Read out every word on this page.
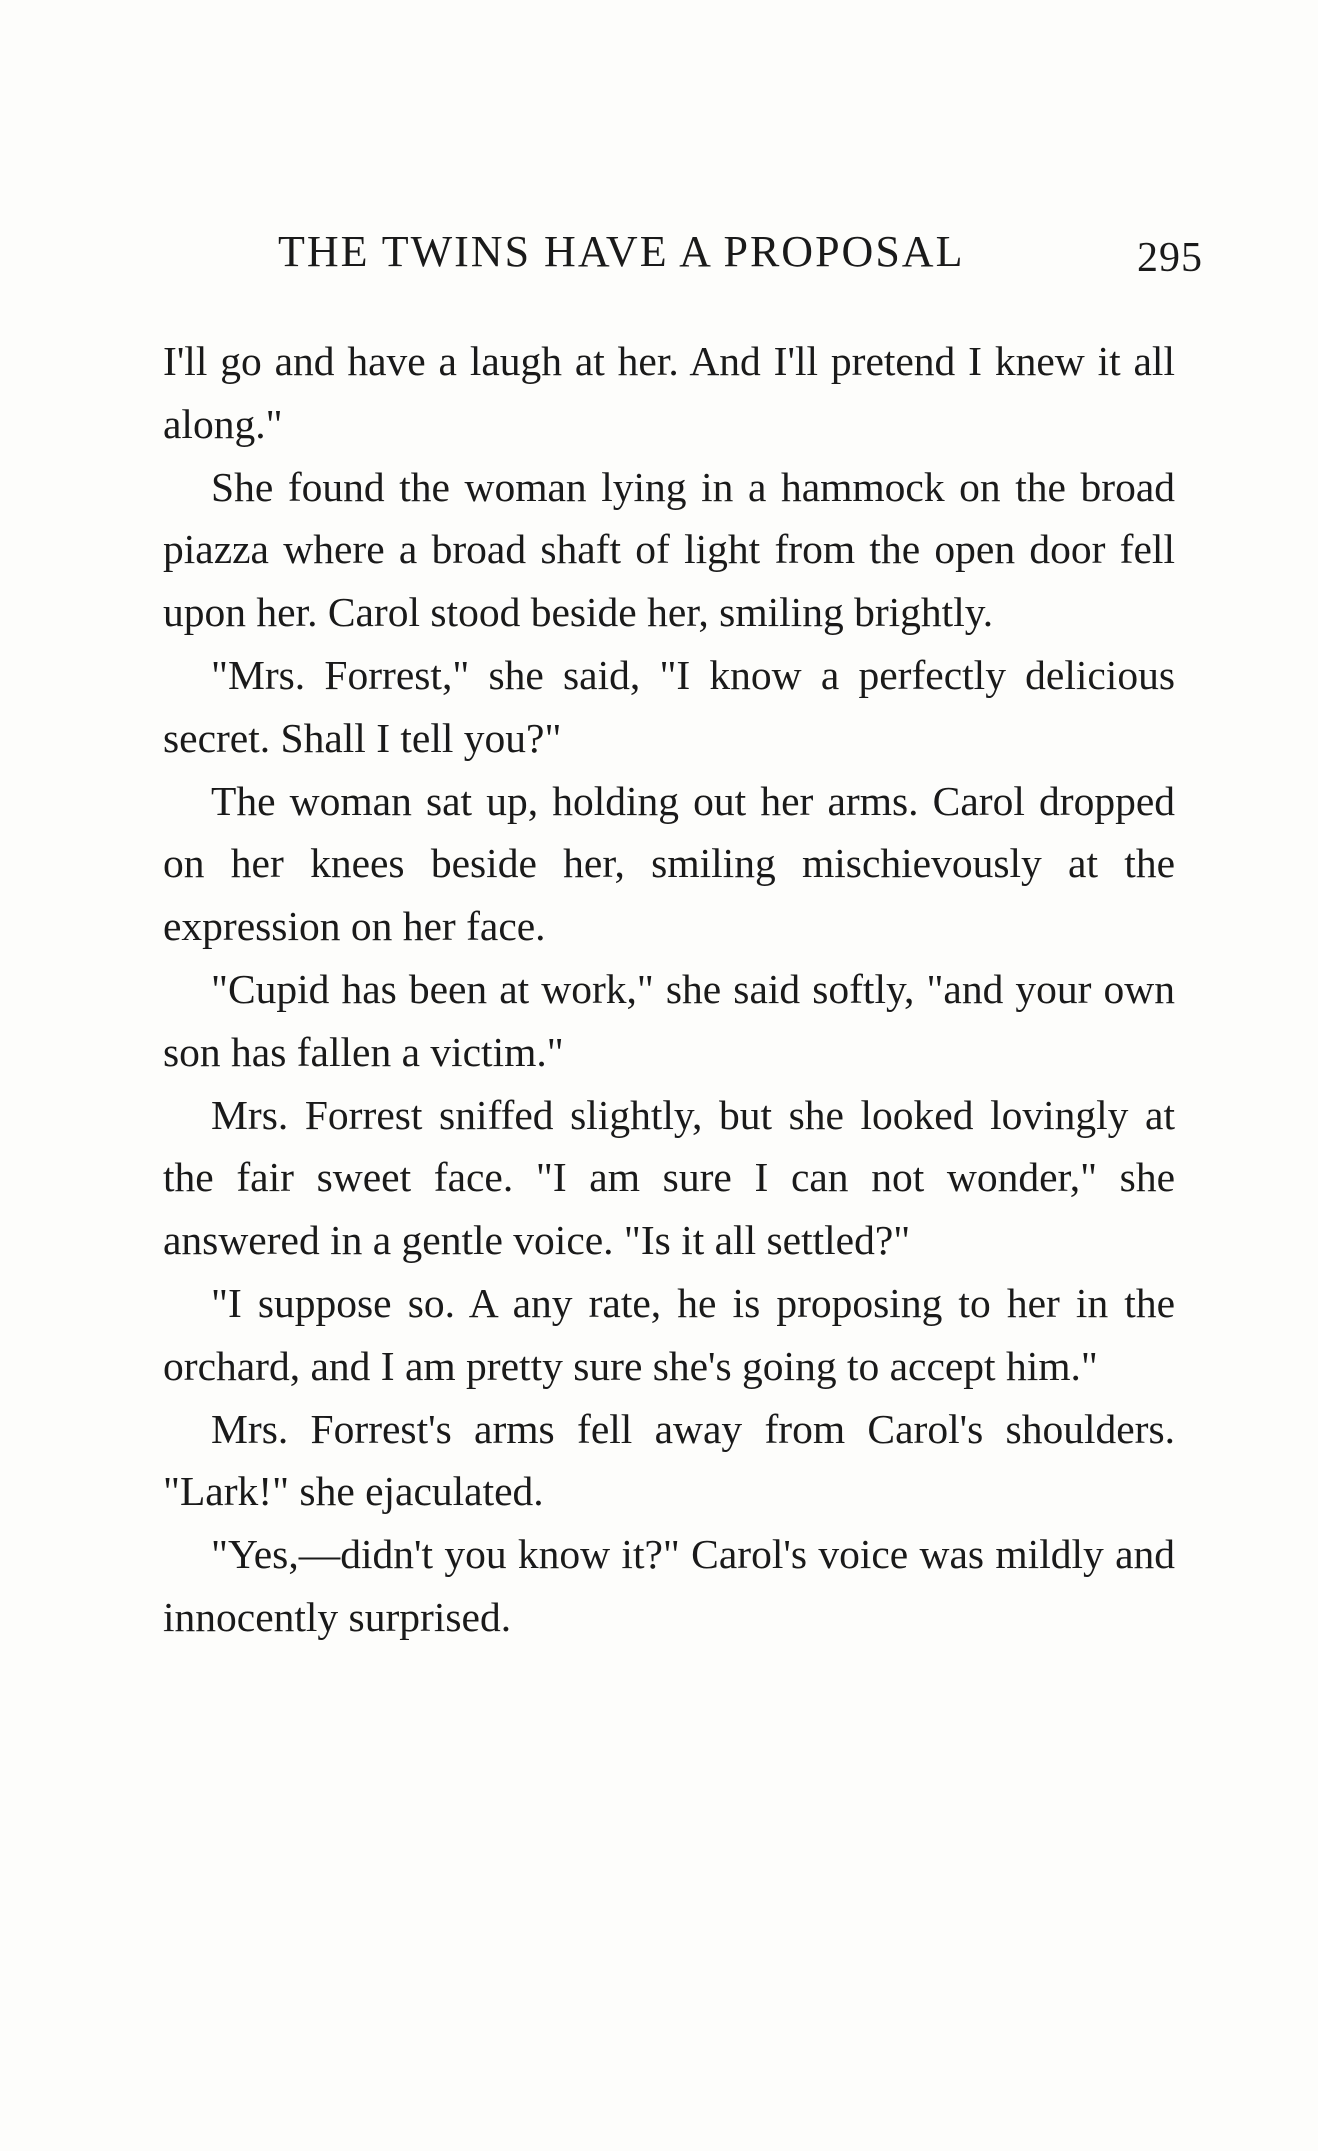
THE TWINS HAVE A PROPOSAL	295

I'll go and have a laugh at her. And I'll pretend I knew it all along."

She found the woman lying in a hammock on the broad piazza where a broad shaft of light from the open door fell upon her. Carol stood beside her, smiling brightly.

"Mrs. Forrest," she said, "I know a perfectly delicious secret. Shall I tell you?"

The woman sat up, holding out her arms. Carol dropped on her knees beside her, smiling mischievously at the expression on her face.

"Cupid has been at work," she said softly, "and your own son has fallen a victim."

Mrs. Forrest sniffed slightly, but she looked lovingly at the fair sweet face. "I am sure I can not wonder," she answered in a gentle voice. "Is it all settled?"

"I suppose so. A any rate, he is proposing to her in the orchard, and I am pretty sure she's going to accept him."

Mrs. Forrest's arms fell away from Carol's shoulders. "Lark!" she ejaculated.

"Yes,—didn't you know it?" Carol's voice was mildly and innocently surprised.
